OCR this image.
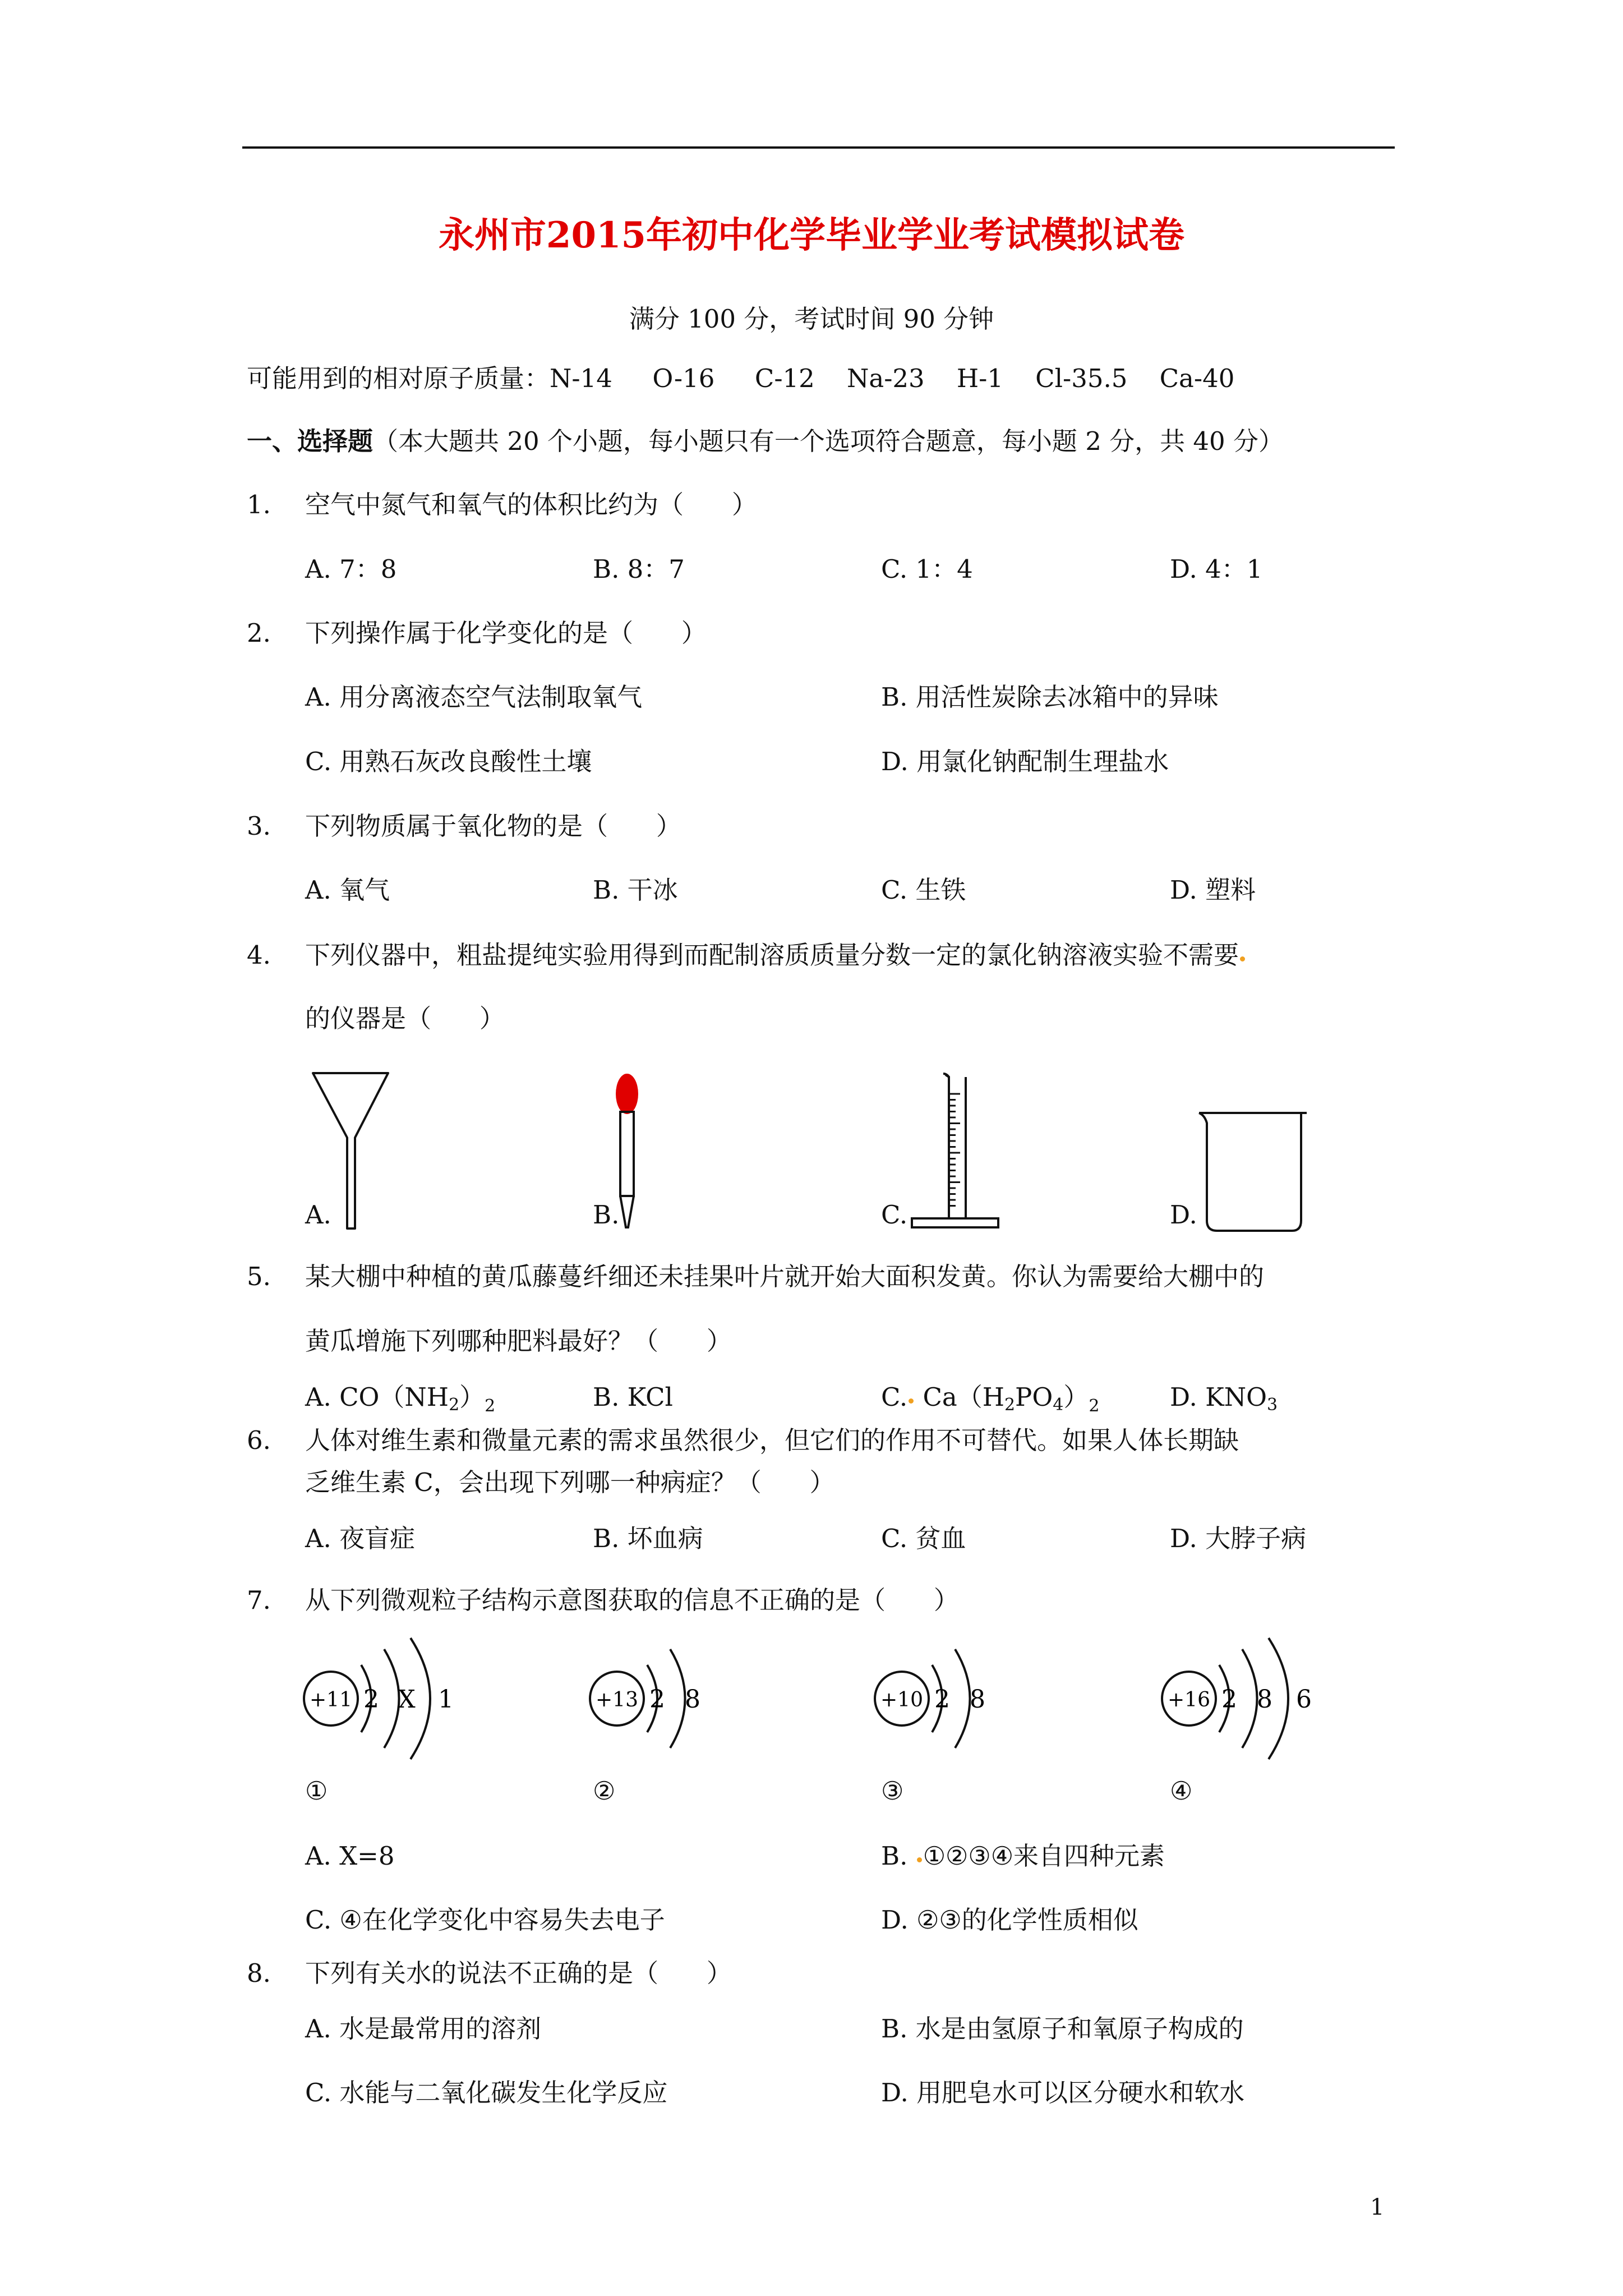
永州市2015年初中化学毕业学业考试模拟试卷
满分 100 分，考试时间 90 分钟
可能用到的相对原子质量：N-14     O-16     C-12    Na-23    H-1    Cl-35.5    Ca-40
一、选择题（本大题共 20 个小题，每小题只有一个选项符合题意，每小题 2 分，共 40 分）
1. 空气中氮气和氧气的体积比约为（      ）
A. 7：8	B. 8：7	C. 1：4	D. 4：1
2. 下列操作属于化学变化的是（      ）
A. 用分离液态空气法制取氧气	B. 用活性炭除去冰箱中的异味
C. 用熟石灰改良酸性土壤	D. 用氯化钠配制生理盐水
3. 下列物质属于氧化物的是（      ）
A. 氧气	B. 干冰	C. 生铁	D. 塑料
4. 下列仪器中，粗盐提纯实验用得到而配制溶质质量分数一定的氯化钠溶液实验不需要
的仪器是（      ）
A.	B.	C.	D.
5. 某大棚中种植的黄瓜藤蔓纤细还未挂果叶片就开始大面积发黄。你认为需要给大棚中的
黄瓜增施下列哪种肥料最好？（      ）
A. $CO(NH2)_2$	B. KCl	C. $Ca(H2PO4)_2$	D. KNO3
6. 人体对维生素和微量元素的需求虽然很少，但它们的作用不可替代。如果人体长期缺
乏维生素 C，会出现下列哪一种病症？（      ）
A. 夜盲症	B. 坏血病	C. 贫血	D. 大脖子病
7. 从下列微观粒子结构示意图获取的信息不正确的是（      ）
+11 2 X 1
①
+13 2 8
②
+10 2 8
③
+16 2 8 6
④
A. X=8	B. ①②③④来自四种元素
C. ④在化学变化中容易失去电子	D. ②③的化学性质相似
8. 下列有关水的说法不正确的是（      ）
A. 水是最常用的溶剂	B. 水是由氢原子和氧原子构成的
C. 水能与二氧化碳发生化学反应	D. 用肥皂水可以区分硬水和软水
1
